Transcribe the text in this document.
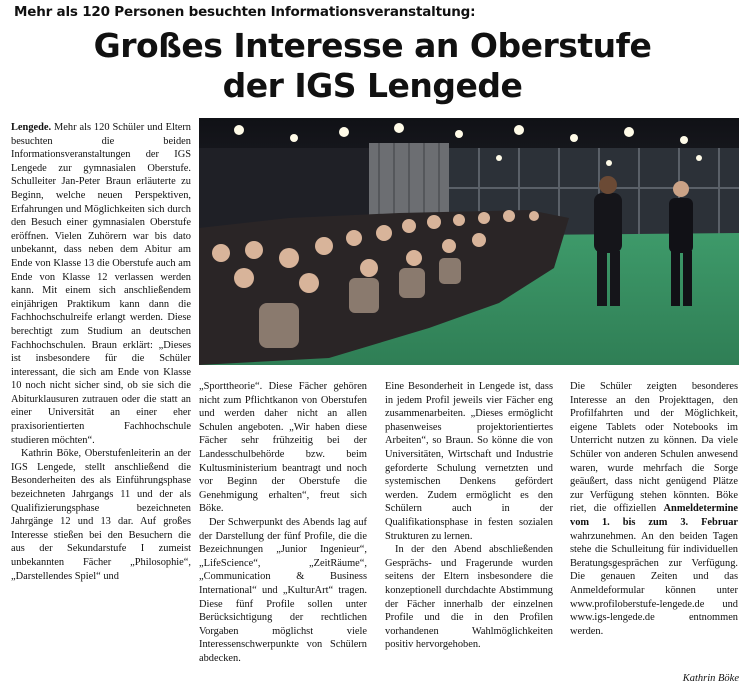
Mehr als 120 Personen besuchten Informationsveranstaltung:
Großes Interesse an Oberstufe
der IGS Lengede

Lengede. Mehr als 120 Schüler und Eltern besuchten die beiden Informationsveranstaltungen der IGS Lengede zur gymnasialen Oberstufe. Schulleiter Jan-Peter Braun erläuterte zu Beginn, welche neuen Perspektiven, Erfahrungen und Möglichkeiten sich durch den Besuch einer gymnasialen Oberstufe eröffnen. Vielen Zuhörern war bis dato unbekannt, dass neben dem Abitur am Ende von Klasse 13 die Oberstufe auch am Ende von Klasse 12 verlassen werden kann. Mit einem sich anschließendem einjährigen Praktikum kann dann die Fachhochschulreife erlangt werden. Diese berechtigt zum Studium an deutschen Fachhochschulen. Braun erklärt: „Dieses ist insbesondere für die Schüler interessant, die sich am Ende von Klasse 10 noch nicht sicher sind, ob sie sich die Abiturklausuren zutrauen oder die statt an einer Universität an einer eher praxisorientierten Fachhochschule studieren möchten“.

Kathrin Böke, Oberstufenleiterin an der IGS Lengede, stellt anschließend die Besonderheiten des als Einführungsphase bezeichneten Jahrgangs 11 und der als Qualifizierungsphase bezeichneten Jahrgänge 12 und 13 dar. Auf großes Interesse stießen bei den Besuchern die aus der Sekundarstufe I zumeist unbekannten Fächer „Philosophie“, „Darstellendes Spiel“ und

„Sporttheorie“. Diese Fächer gehören nicht zum Pflichtkanon von Oberstufen und werden daher nicht an allen Schulen angeboten. „Wir haben diese Fächer sehr frühzeitig bei der Landesschulbehörde bzw. beim Kultusministerium beantragt und noch vor Beginn der Oberstufe die Genehmigung erhalten“, freut sich Böke.

Der Schwerpunkt des Abends lag auf der Darstellung der fünf Profile, die die Bezeichnungen „Junior Ingenieur“, „LifeScience“, „ZeitRäume“, „Communication & Business International“ und „KulturArt“ tragen. Diese fünf Profile sollen unter Berücksichtigung der rechtlichen Vorgaben möglichst viele Interessenschwerpunkte von Schülern abdecken.

Eine Besonderheit in Lengede ist, dass in jedem Profil jeweils vier Fächer eng zusammenarbeiten. „Dieses ermöglicht phasenweises projektorientiertes Arbeiten“, so Braun. So könne die von Universitäten, Wirtschaft und Industrie geforderte Schulung vernetzten und systemischen Denkens gefördert werden. Zudem ermöglicht es den Schülern auch in der Qualifikationsphase in festen sozialen Strukturen zu lernen.

In der den Abend abschließenden Gesprächs- und Fragerunde wurden seitens der Eltern insbesondere die konzeptionell durchdachte Abstimmung der Fächer innerhalb der einzelnen Profile und die in den Profilen vorhandenen Wahlmöglichkeiten positiv hervorgehoben.

Die Schüler zeigten besonderes Interesse an den Projekttagen, den Profilfahrten und der Möglichkeit, eigene Tablets oder Notebooks im Unterricht nutzen zu können. Da viele Schüler von anderen Schulen anwesend waren, wurde mehrfach die Sorge geäußert, dass nicht genügend Plätze zur Verfügung stehen könnten. Böke riet, die offiziellen Anmeldetermine vom 1. bis zum 3. Februar wahrzunehmen. An den beiden Tagen stehe die Schulleitung für individuellen Beratungsgesprächen zur Verfügung. Die genauen Zeiten und das Anmeldeformular können unter www.profiloberstufe-lengede.de und www.igs-lengede.de entnommen werden.

Kathrin Böke
